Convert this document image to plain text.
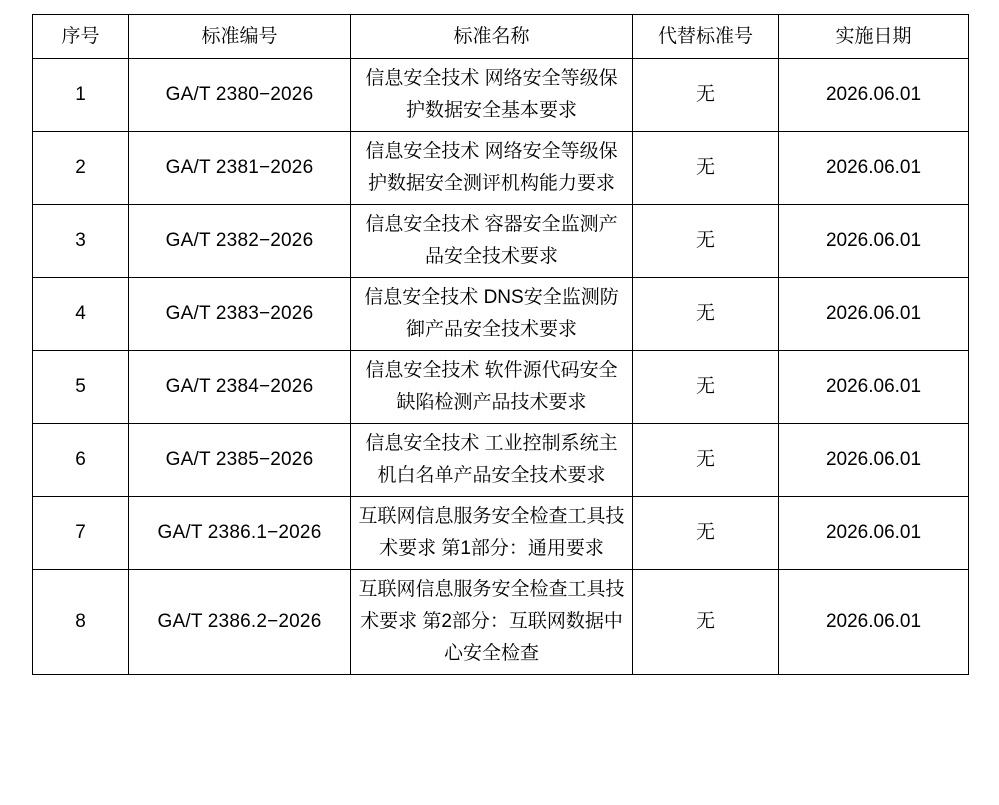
序号	标准编号	标准名称	代替标准号	实施日期
1	GA/T 2380−2026	信息安全技术 网络安全等级保护数据安全基本要求	无	2026.06.01
2	GA/T 2381−2026	信息安全技术 网络安全等级保护数据安全测评机构能力要求	无	2026.06.01
3	GA/T 2382−2026	信息安全技术 容器安全监测产品安全技术要求	无	2026.06.01
4	GA/T 2383−2026	信息安全技术 DNS安全监测防御产品安全技术要求	无	2026.06.01
5	GA/T 2384−2026	信息安全技术 软件源代码安全缺陷检测产品技术要求	无	2026.06.01
6	GA/T 2385−2026	信息安全技术 工业控制系统主机白名单产品安全技术要求	无	2026.06.01
7	GA/T 2386.1−2026	互联网信息服务安全检查工具技术要求 第1部分：通用要求	无	2026.06.01
8	GA/T 2386.2−2026	互联网信息服务安全检查工具技术要求 第2部分：互联网数据中心安全检查	无	2026.06.01
